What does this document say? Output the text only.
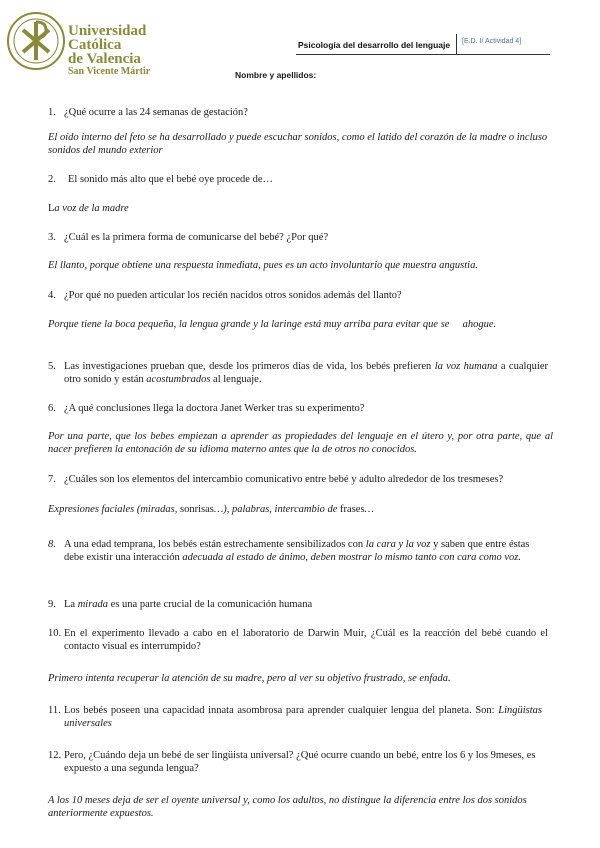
Universidad
Católica
de Valencia
San Vicente Mártir
Psicología del desarrollo del lenguaje [E.D. I/ Actividad 4]
Nombre y apellidos:
1. ¿Qué ocurre a las 24 semanas de gestación?
El oído interno del feto se ha desarrollado y puede escuchar sonidos, como el latido del corazón de la madre o incluso sonidos del mundo exterior
2. El sonido más alto que el bebé oye procede de…
La voz de la madre
3. ¿Cuál es la primera forma de comunicarse del bebé? ¿Por qué?
El llanto, porque obtiene una respuesta inmediata, pues es un acto involuntario que muestra angustia.
4. ¿Por qué no pueden articular los recién nacidos otros sonidos además del llanto?
Porque tiene la boca pequeña, la lengua grande y la laringe está muy arriba para evitar que se     ahogue.
5. Las investigaciones prueban que, desde los primeros días de vida, los bebés prefieren la voz humana a cualquier otro sonido y están acostumbrados al lenguaje.
6. ¿A qué conclusiones llega la doctora Janet Werker tras su experimento?
Por una parte, que los bebes empiezan a aprender as propiedades del lenguaje en el útero y, por otra parte, que al nacer prefieren la entonación de su idioma materno antes que la de otros no conocidos.
7. ¿Cuáles son los elementos del intercambio comunicativo entre bebé y adulto alrededor de los tresmeses?
Expresiones faciales (miradas, sonrisas…), palabras, intercambio de frases…
8. A una edad temprana, los bebés están estrechamente sensibilizados con la cara y la voz y saben que entre éstas debe existir una interacción adecuada al estado de ánimo, deben mostrar lo mismo tanto con cara como voz.
9. La mirada es una parte crucial de la comunicación humana
10. En el experimento llevado a cabo en el laboratorio de Darwin Muir, ¿Cuál es la reacción del bebé cuando el contacto visual es interrumpido?
Primero intenta recuperar la atención de su madre, pero al ver su objetivo frustrado, se enfada.
11. Los bebés poseen una capacidad innata asombrosa para aprender cualquier lengua del planeta. Son: Lingüistas universales
12. Pero, ¿Cuándo deja un bebé de ser lingüista universal? ¿Qué ocurre cuando un bebé, entre los 6 y los 9meses, es expuesto a una segunda lengua?
A los 10 meses deja de ser el oyente universal y, como los adultos, no distingue la diferencia entre los dos sonidos anteriormente expuestos.
